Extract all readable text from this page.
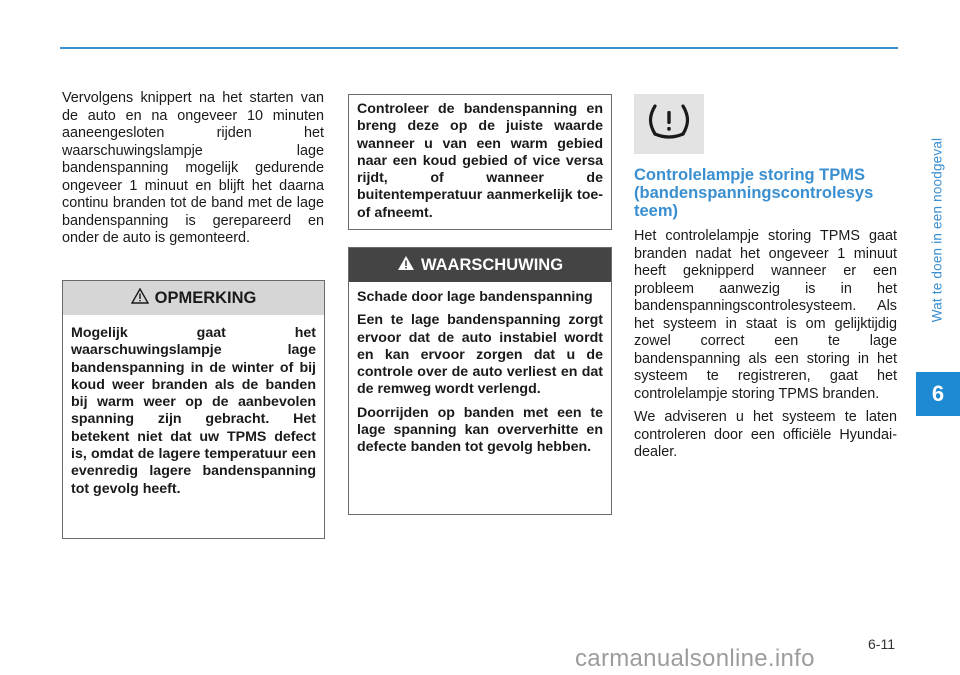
Wat te doen in een noodgeval
6
Vervolgens knippert na het starten van de auto en na ongeveer 10 minuten aaneengesloten rijden het waarschuwingslampje lage bandenspanning mogelijk gedurende ongeveer 1 minuut en blijft het daarna continu branden tot de band met de lage bandenspanning is gerepareerd en onder de auto is gemonteerd.
OPMERKING
Mogelijk gaat het waarschuwingslampje lage bandenspanning in de winter of bij koud weer branden als de banden bij warm weer op de aanbevolen spanning zijn gebracht. Het betekent niet dat uw TPMS defect is, omdat de lagere temperatuur een evenredig lagere bandenspanning tot gevolg heeft.
Controleer de bandenspanning en breng deze op de juiste waarde wanneer u van een warm gebied naar een koud gebied of vice versa rijdt, of wanneer de buitentemperatuur aanmerkelijk toe- of afneemt.
WAARSCHUWING

Schade door lage bandenspanning

Een te lage bandenspanning zorgt ervoor dat de auto instabiel wordt en kan ervoor zorgen dat u de controle over de auto verliest en dat de remweg wordt verlengd.

Doorrijden op banden met een te lage spanning kan oververhitte en defecte banden tot gevolg hebben.

Controlelampje storing TPMS (bandenspanningscontrolesys teem)

Het controlelampje storing TPMS gaat branden nadat het ongeveer 1 minuut heeft geknipperd wanneer er een probleem aanwezig is in het bandenspanningscontrolesysteem. Als het systeem in staat is om gelijktijdig zowel correct een te lage bandenspanning als een storing in het systeem te registreren, gaat het controlelampje storing TPMS branden.

We adviseren u het systeem te laten controleren door een officiële Hyundai-dealer.

6-11
carmanualsonline.info
